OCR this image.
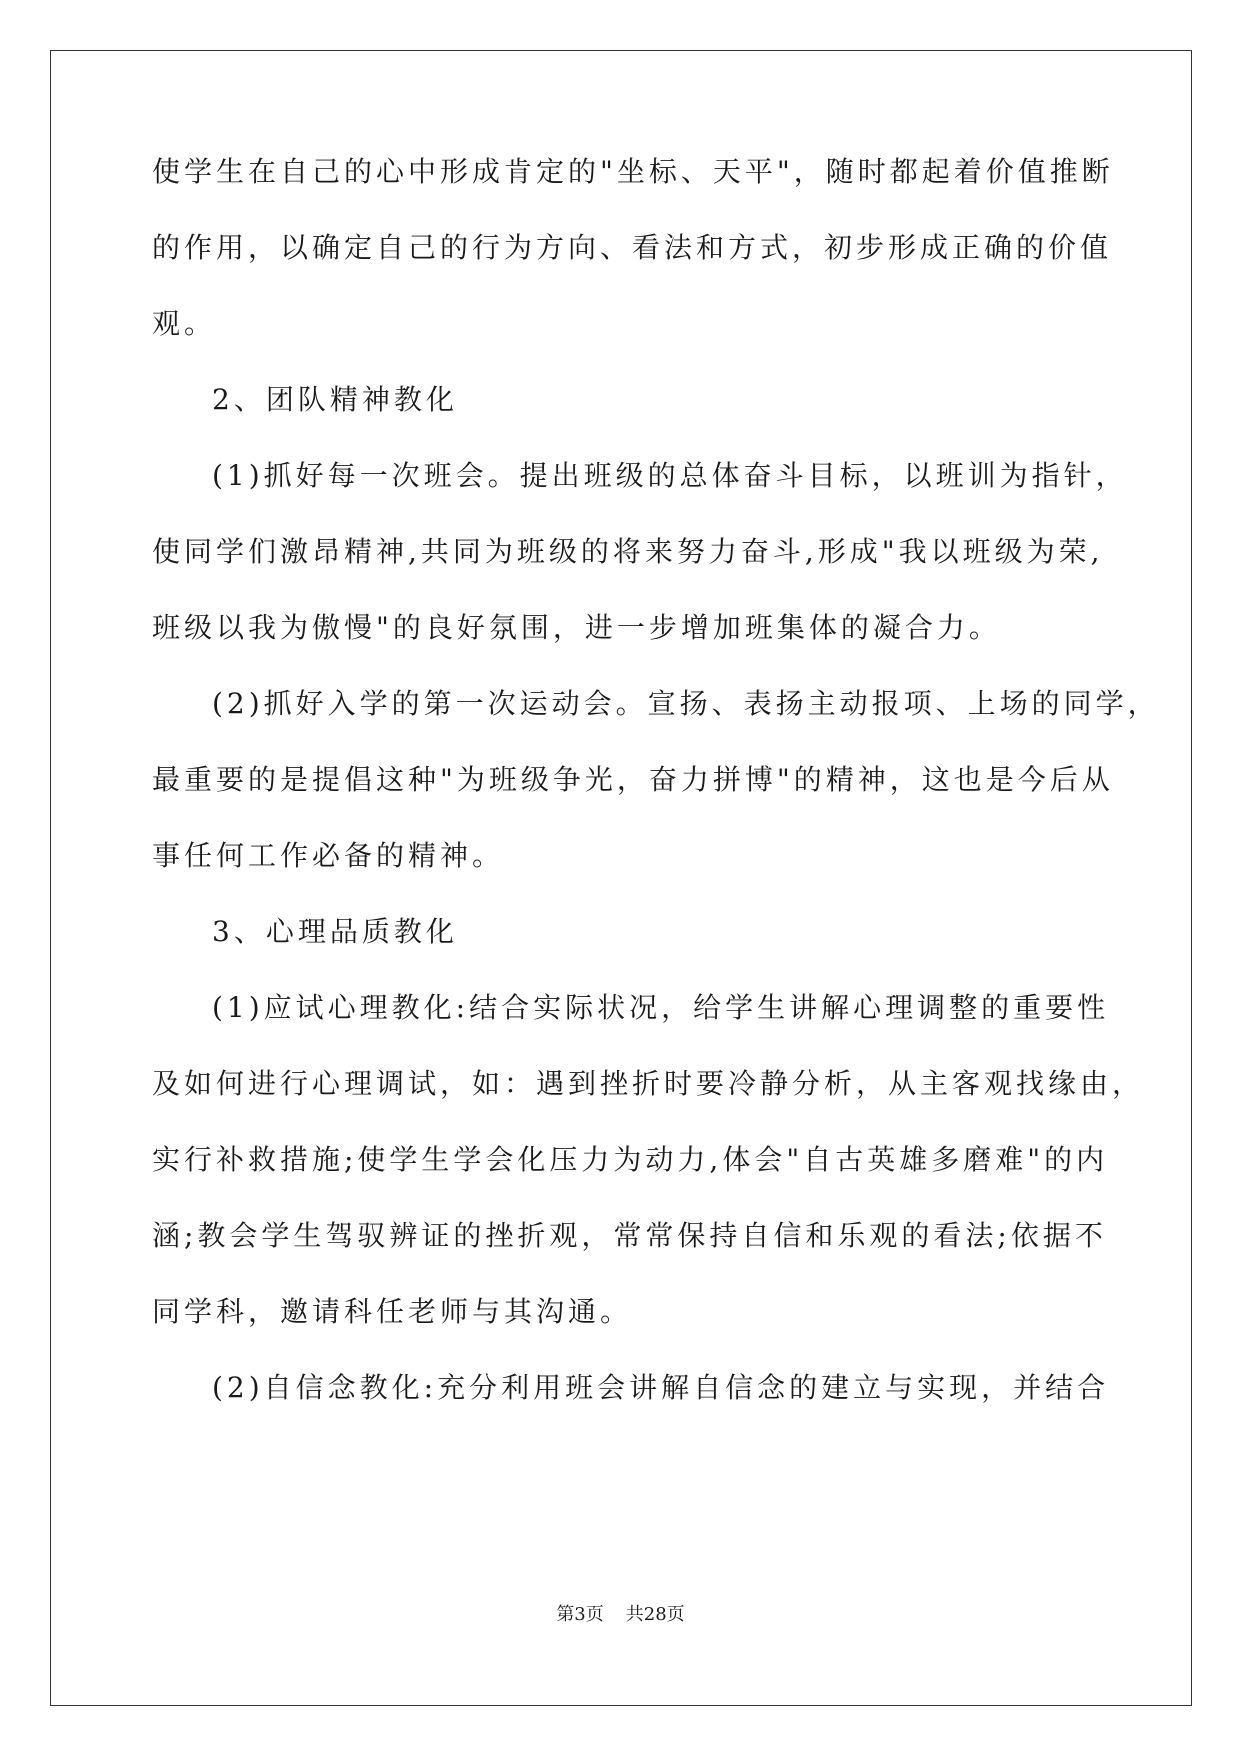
使学生在自己的心中形成肯定的"坐标、天平"，随时都起着价值推断
的作用，以确定自己的行为方向、看法和方式，初步形成正确的价值
观。
2、团队精神教化
(1)抓好每一次班会。提出班级的总体奋斗目标，以班训为指针，
使同学们激昂精神,共同为班级的将来努力奋斗,形成"我以班级为荣,
班级以我为傲慢"的良好氛围，进一步增加班集体的凝合力。
(2)抓好入学的第一次运动会。宣扬、表扬主动报项、上场的同学，
最重要的是提倡这种"为班级争光，奋力拼博"的精神，这也是今后从
事任何工作必备的精神。
3、心理品质教化
(1)应试心理教化:结合实际状况，给学生讲解心理调整的重要性
及如何进行心理调试，如：遇到挫折时要冷静分析，从主客观找缘由，
实行补救措施;使学生学会化压力为动力,体会"自古英雄多磨难"的内
涵;教会学生驾驭辨证的挫折观，常常保持自信和乐观的看法;依据不
同学科，邀请科任老师与其沟通。
(2)自信念教化:充分利用班会讲解自信念的建立与实现，并结合
第3页 共28页
